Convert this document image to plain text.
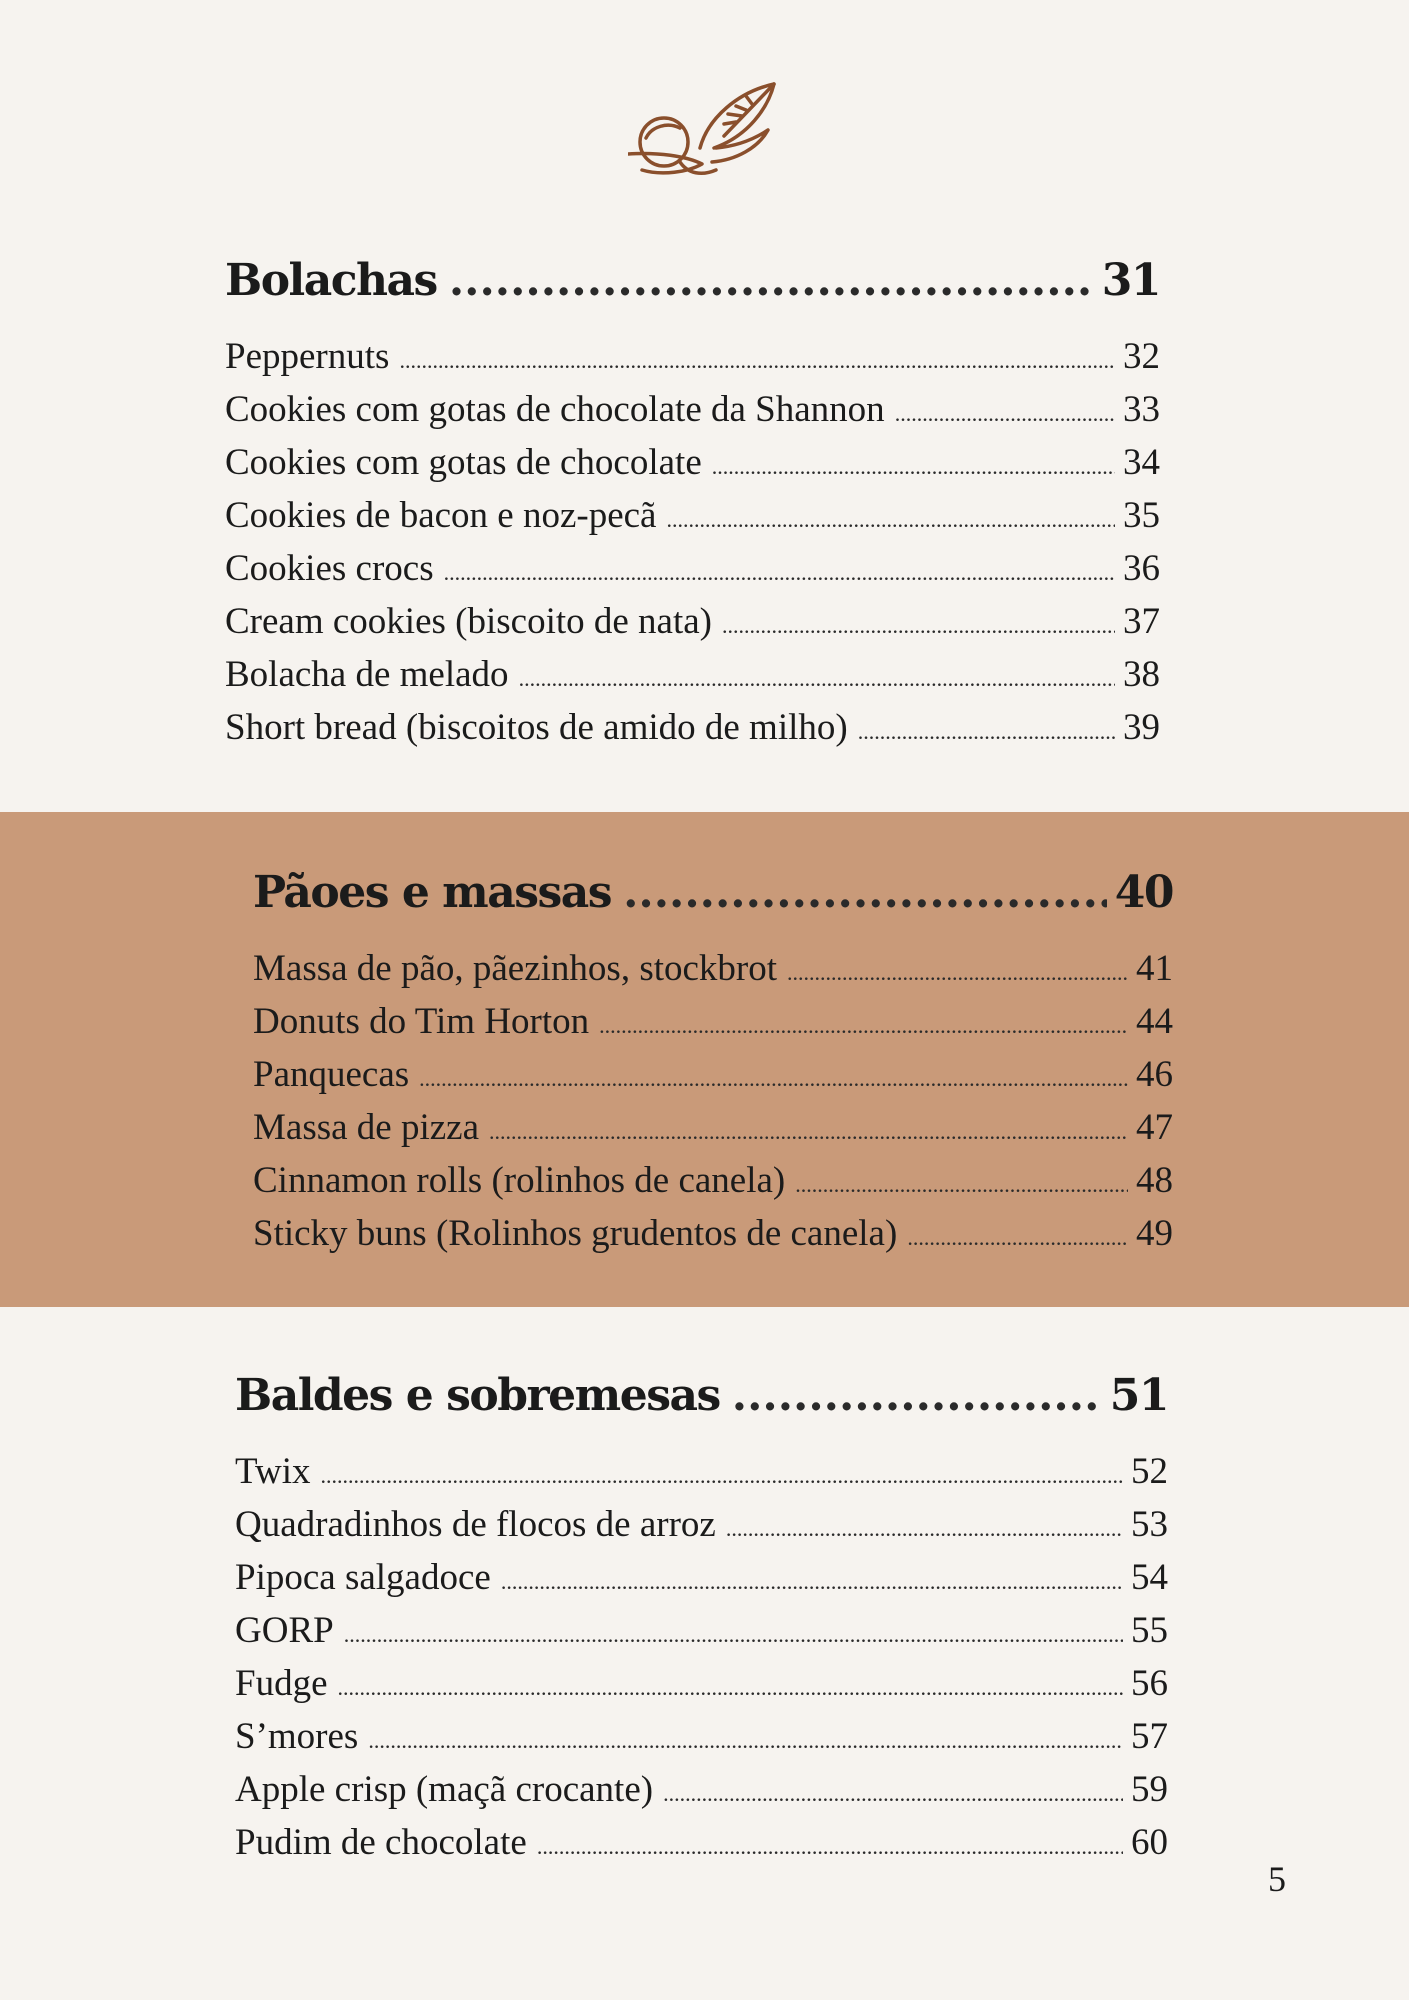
Bolachas .....	31
Peppernuts .....	32
Cookies com gotas de chocolate da Shannon .....	33
Cookies com gotas de chocolate .....	34
Cookies de bacon e noz-pecã .....	35
Cookies crocs .....	36
Cream cookies (biscoito de nata) .....	37
Bolacha de melado .....	38
Short bread (biscoitos de amido de milho) .....	39
Pãoes e massas .....	40
Massa de pão, pãezinhos, stockbrot .....	41
Donuts do Tim Horton .....	44
Panquecas .....	46
Massa de pizza .....	47
Cinnamon rolls (rolinhos de canela) .....	48
Sticky buns (Rolinhos grudentos de canela) .....	49
Baldes e sobremesas .....	51
Twix .....	52
Quadradinhos de flocos de arroz .....	53
Pipoca salgadoce .....	54
GORP .....	55
Fudge .....	56
S’mores .....	57
Apple crisp (maçã crocante) .....	59
Pudim de chocolate .....	60
5
